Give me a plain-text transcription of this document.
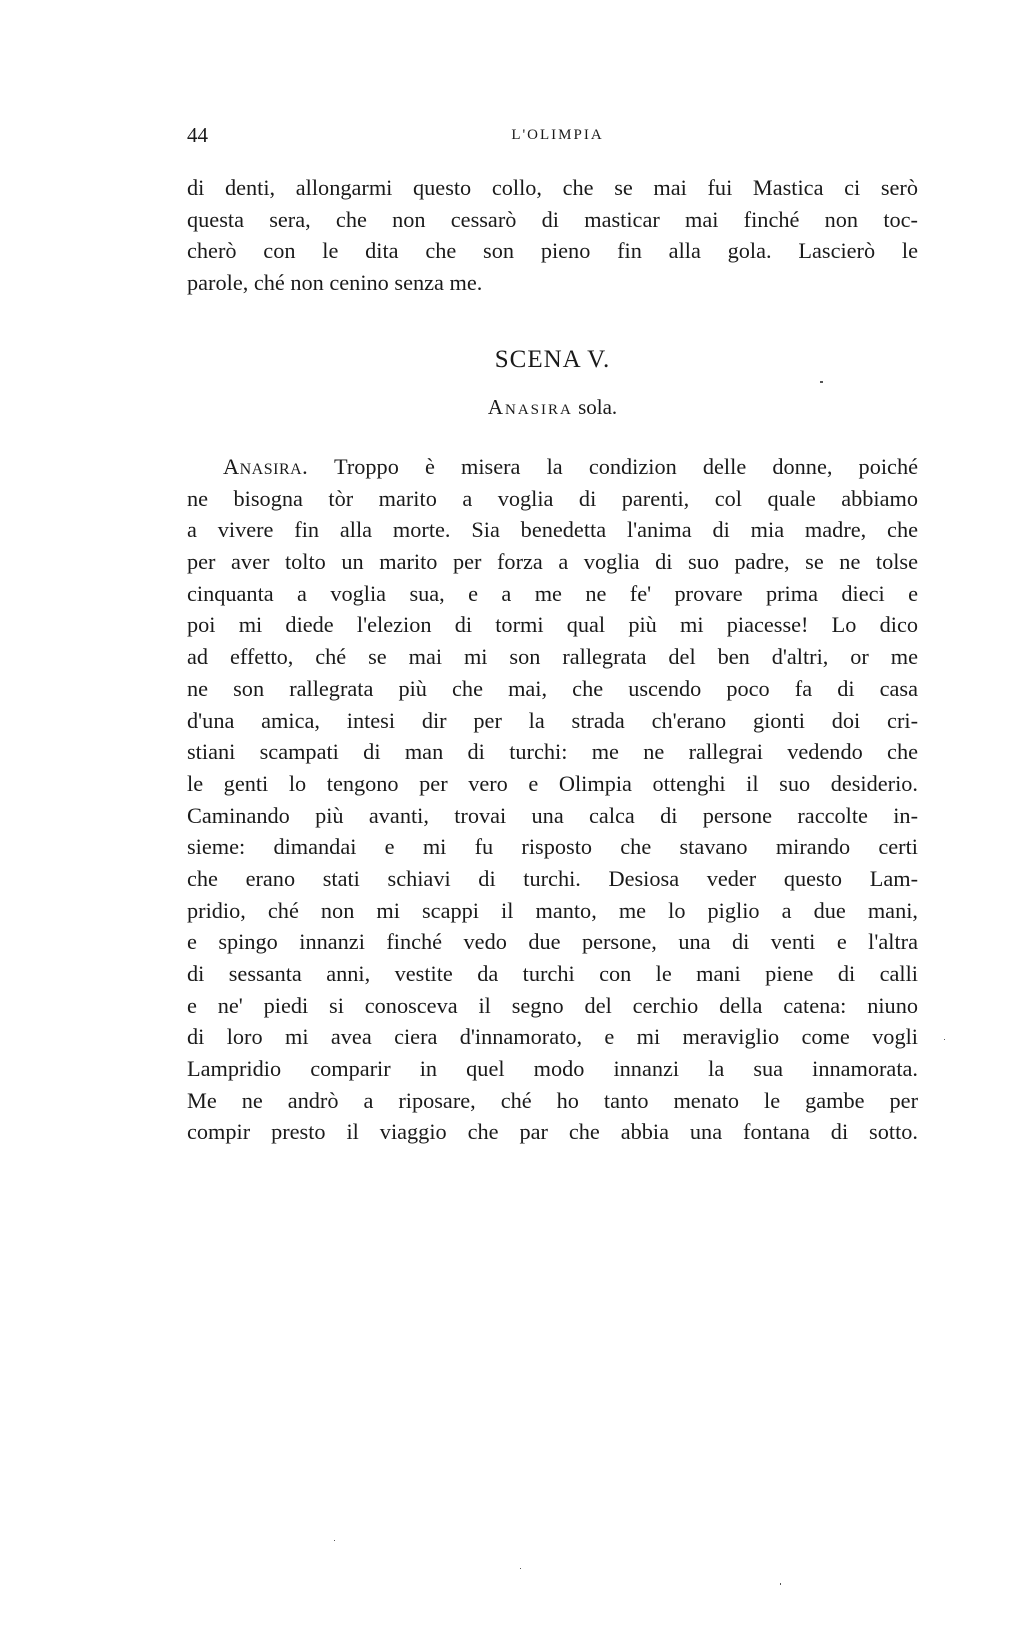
44	L'OLIMPIA
di denti, allongarmi questo collo, che se mai fui Mastica ci serò
questa sera, che non cessarò di masticar mai finché non toc-
cherò con le dita che son pieno fin alla gola. Lascierò le
parole, ché non cenino senza me.
SCENA V.
Anasira sola.
Anasira. Troppo è misera la condizion delle donne, poiché
ne bisogna tòr marito a voglia di parenti, col quale abbiamo
a vivere fin alla morte. Sia benedetta l'anima di mia madre, che
per aver tolto un marito per forza a voglia di suo padre, se ne tolse
cinquanta a voglia sua, e a me ne fe' provare prima dieci e
poi mi diede l'elezion di tormi qual più mi piacesse! Lo dico
ad effetto, ché se mai mi son rallegrata del ben d'altri, or me
ne son rallegrata più che mai, che uscendo poco fa di casa
d'una amica, intesi dir per la strada ch'erano gionti doi cri-
stiani scampati di man di turchi: me ne rallegrai vedendo che
le genti lo tengono per vero e Olimpia ottenghi il suo desiderio.
Caminando più avanti, trovai una calca di persone raccolte in-
sieme: dimandai e mi fu risposto che stavano mirando certi
che erano stati schiavi di turchi. Desiosa veder questo Lam-
pridio, ché non mi scappi il manto, me lo piglio a due mani,
e spingo innanzi finché vedo due persone, una di venti e l'altra
di sessanta anni, vestite da turchi con le mani piene di calli
e ne' piedi si conosceva il segno del cerchio della catena: niuno
di loro mi avea ciera d'innamorato, e mi meraviglio come vogli
Lampridio comparir in quel modo innanzi la sua innamorata.
Me ne andrò a riposare, ché ho tanto menato le gambe per
compir presto il viaggio che par che abbia una fontana di sotto.
